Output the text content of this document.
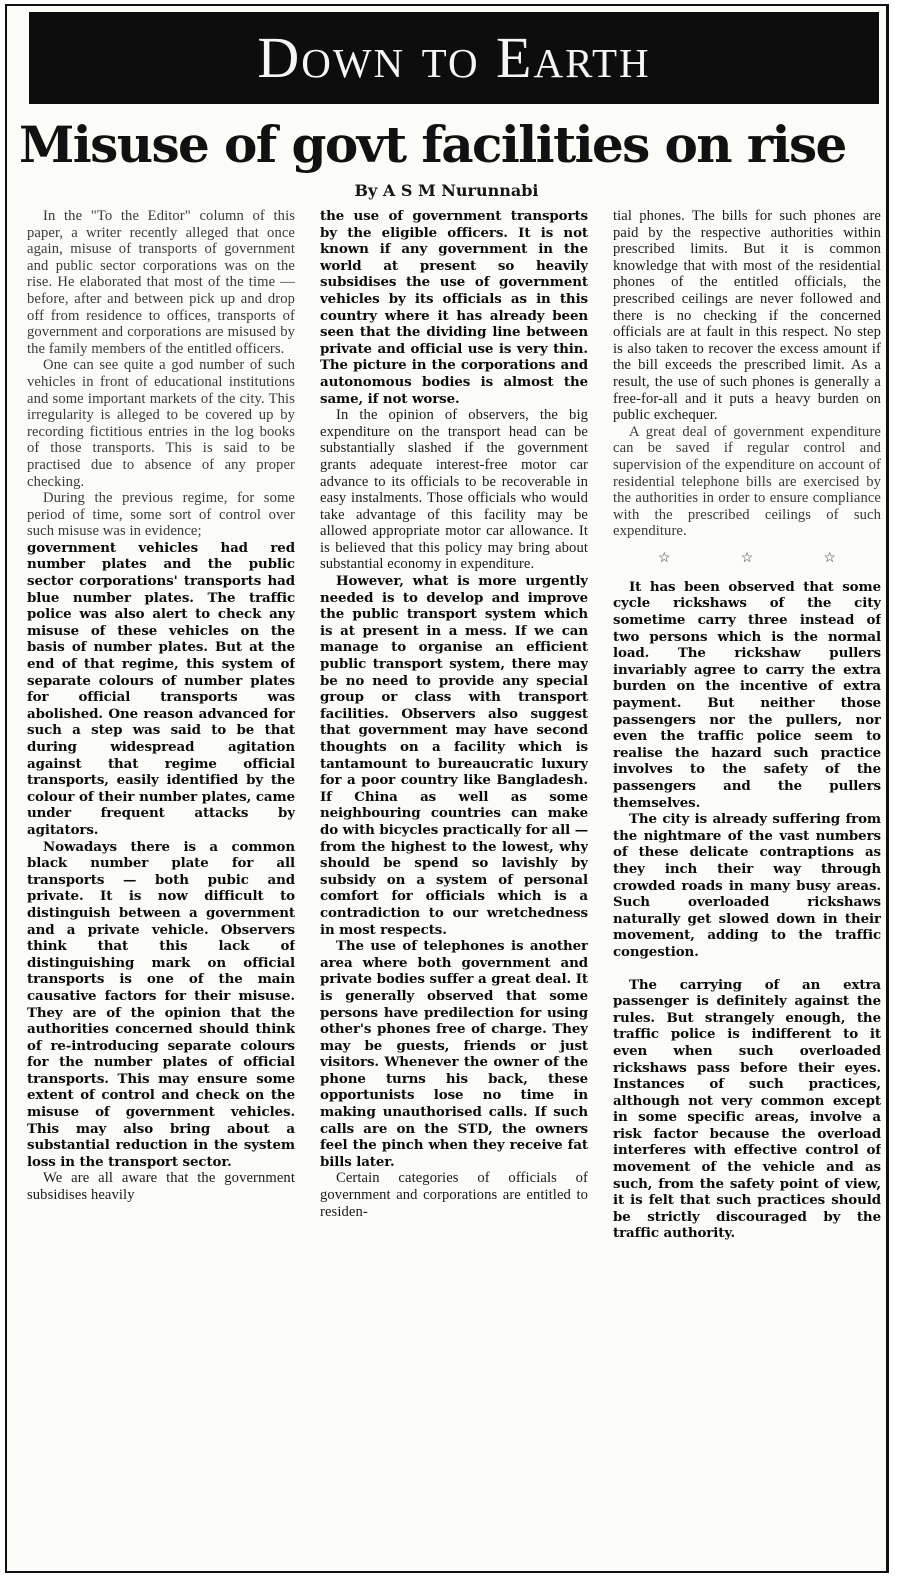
Down to Earth
Misuse of govt facilities on rise
By A S M Nurunnabi

In the "To the Editor" column of this paper, a writer recently alleged that once again, misuse of transports of government and public sector corporations was on the rise. He elaborated that most of the time — before, after and between pick up and drop off from residence to offices, transports of government and corporations are misused by the family members of the entitled officers.

One can see quite a god number of such vehicles in front of educational institutions and some important markets of the city. This irregularity is alleged to be covered up by recording fictitious entries in the log books of those transports. This is said to be practised due to absence of any proper checking.

During the previous regime, for some period of time, some sort of control over such misuse was in evidence;

government vehicles had red number plates and the public sector corporations' transports had blue number plates. The traffic police was also alert to check any misuse of these vehicles on the basis of number plates. But at the end of that regime, this system of separate colours of number plates for official transports was abolished. One reason advanced for such a step was said to be that during widespread agitation against that regime official transports, easily identified by the colour of their number plates, came under frequent attacks by agitators.

Nowadays there is a common black number plate for all transports — both pubic and private. It is now difficult to distinguish between a government and a private vehicle. Observers think that this lack of distinguishing mark on official transports is one of the main causative factors for their misuse. They are of the opinion that the authorities concerned should think of re-introducing separate colours for the number plates of official transports. This may ensure some extent of control and check on the misuse of government vehicles. This may also bring about a substantial reduction in the system loss in the transport sector.

We are all aware that the government subsidises heavily

the use of government transports by the eligible officers. It is not known if any government in the world at present so heavily subsidises the use of government vehicles by its officials as in this country where it has already been seen that the dividing line between private and official use is very thin. The picture in the corporations and autonomous bodies is almost the same, if not worse.

In the opinion of observers, the big expenditure on the transport head can be substantially slashed if the government grants adequate interest-free motor car advance to its officials to be recoverable in easy instalments. Those officials who would take advantage of this facility may be allowed appropriate motor car allowance. It is believed that this policy may bring about substantial economy in expenditure.

However, what is more urgently needed is to develop and improve the public transport system which is at present in a mess. If we can manage to organise an efficient public transport system, there may be no need to provide any special group or class with transport facilities. Observers also suggest that government may have second thoughts on a facility which is tantamount to bureaucratic luxury for a poor country like Bangladesh. If China as well as some neighbouring countries can make do with bicycles practically for all — from the highest to the lowest, why should be spend so lavishly by subsidy on a system of personal comfort for officials which is a contradiction to our wretchedness in most respects.

The use of telephones is another area where both government and private bodies suffer a great deal. It is generally observed that some persons have predilection for using other's phones free of charge. They may be guests, friends or just visitors. Whenever the owner of the phone turns his back, these opportunists lose no time in making unauthorised calls. If such calls are on the STD, the owners feel the pinch when they receive fat bills later.

Certain categories of officials of government and corporations are entitled to residen-

tial phones. The bills for such phones are paid by the respective authorities within prescribed limits. But it is common knowledge that with most of the residential phones of the entitled officials, the prescribed ceilings are never followed and there is no checking if the concerned officials are at fault in this respect. No step is also taken to recover the excess amount if the bill exceeds the prescribed limit. As a result, the use of such phones is generally a free-for-all and it puts a heavy burden on public exchequer.

A great deal of government expenditure can be saved if regular control and supervision of the expenditure on account of residential telephone bills are exercised by the authorities in order to ensure compliance with the prescribed ceilings of such expenditure.

☆	☆	☆

It has been observed that some cycle rickshaws of the city sometime carry three instead of two persons which is the normal load. The rickshaw pullers invariably agree to carry the extra burden on the incentive of extra payment. But neither those passengers nor the pullers, nor even the traffic police seem to realise the hazard such practice involves to the safety of the passengers and the pullers themselves.

The city is already suffering from the nightmare of the vast numbers of these delicate contraptions as they inch their way through crowded roads in many busy areas. Such overloaded rickshaws naturally get slowed down in their movement, adding to the traffic congestion.

The carrying of an extra passenger is definitely against the rules. But strangely enough, the traffic police is indifferent to it even when such overloaded rickshaws pass before their eyes. Instances of such practices, although not very common except in some specific areas, involve a risk factor because the overload interferes with effective control of movement of the vehicle and as such, from the safety point of view, it is felt that such practices should be strictly discouraged by the traffic authority.
